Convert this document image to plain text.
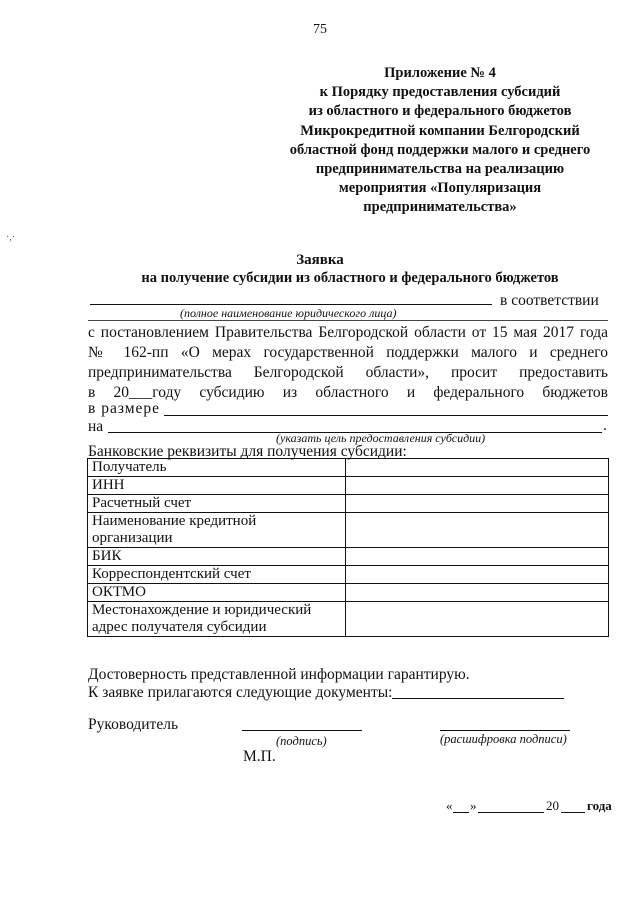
75
Приложение № 4
к Порядку предоставления субсидий
из областного и федерального бюджетов
Микрокредитной компании Белгородский
областной фонд поддержки малого и среднего
предпринимательства на реализацию
мероприятия «Популяризация
предпринимательства»
·,·
Заявка
на получение субсидии из областного и федерального бюджетов
в соответствии
(полное наименование юридического лица)
с постановлением Правительства Белгородской области от 15 мая 2017 года
№ 162-пп «О мерах государственной поддержки малого и среднего
предпринимательства Белгородской области», просит предоставить
в 20___году субсидию из областного и федерального бюджетов
в размере
на	.
(указать цель предоставления субсидии)
Банковские реквизиты для получения субсидии:
Получатель	
ИНН	
Расчетный счет	
Наименование кредитной организации	
БИК	
Корреспондентский счет	
ОКТМО	
Местонахождение и юридический адрес получателя субсидии	
Достоверность представленной информации гарантирую.
К заявке прилагаются следующие документы:
Руководитель
(подпись)	(расшифровка подписи)
М.П.
« »	20 года
